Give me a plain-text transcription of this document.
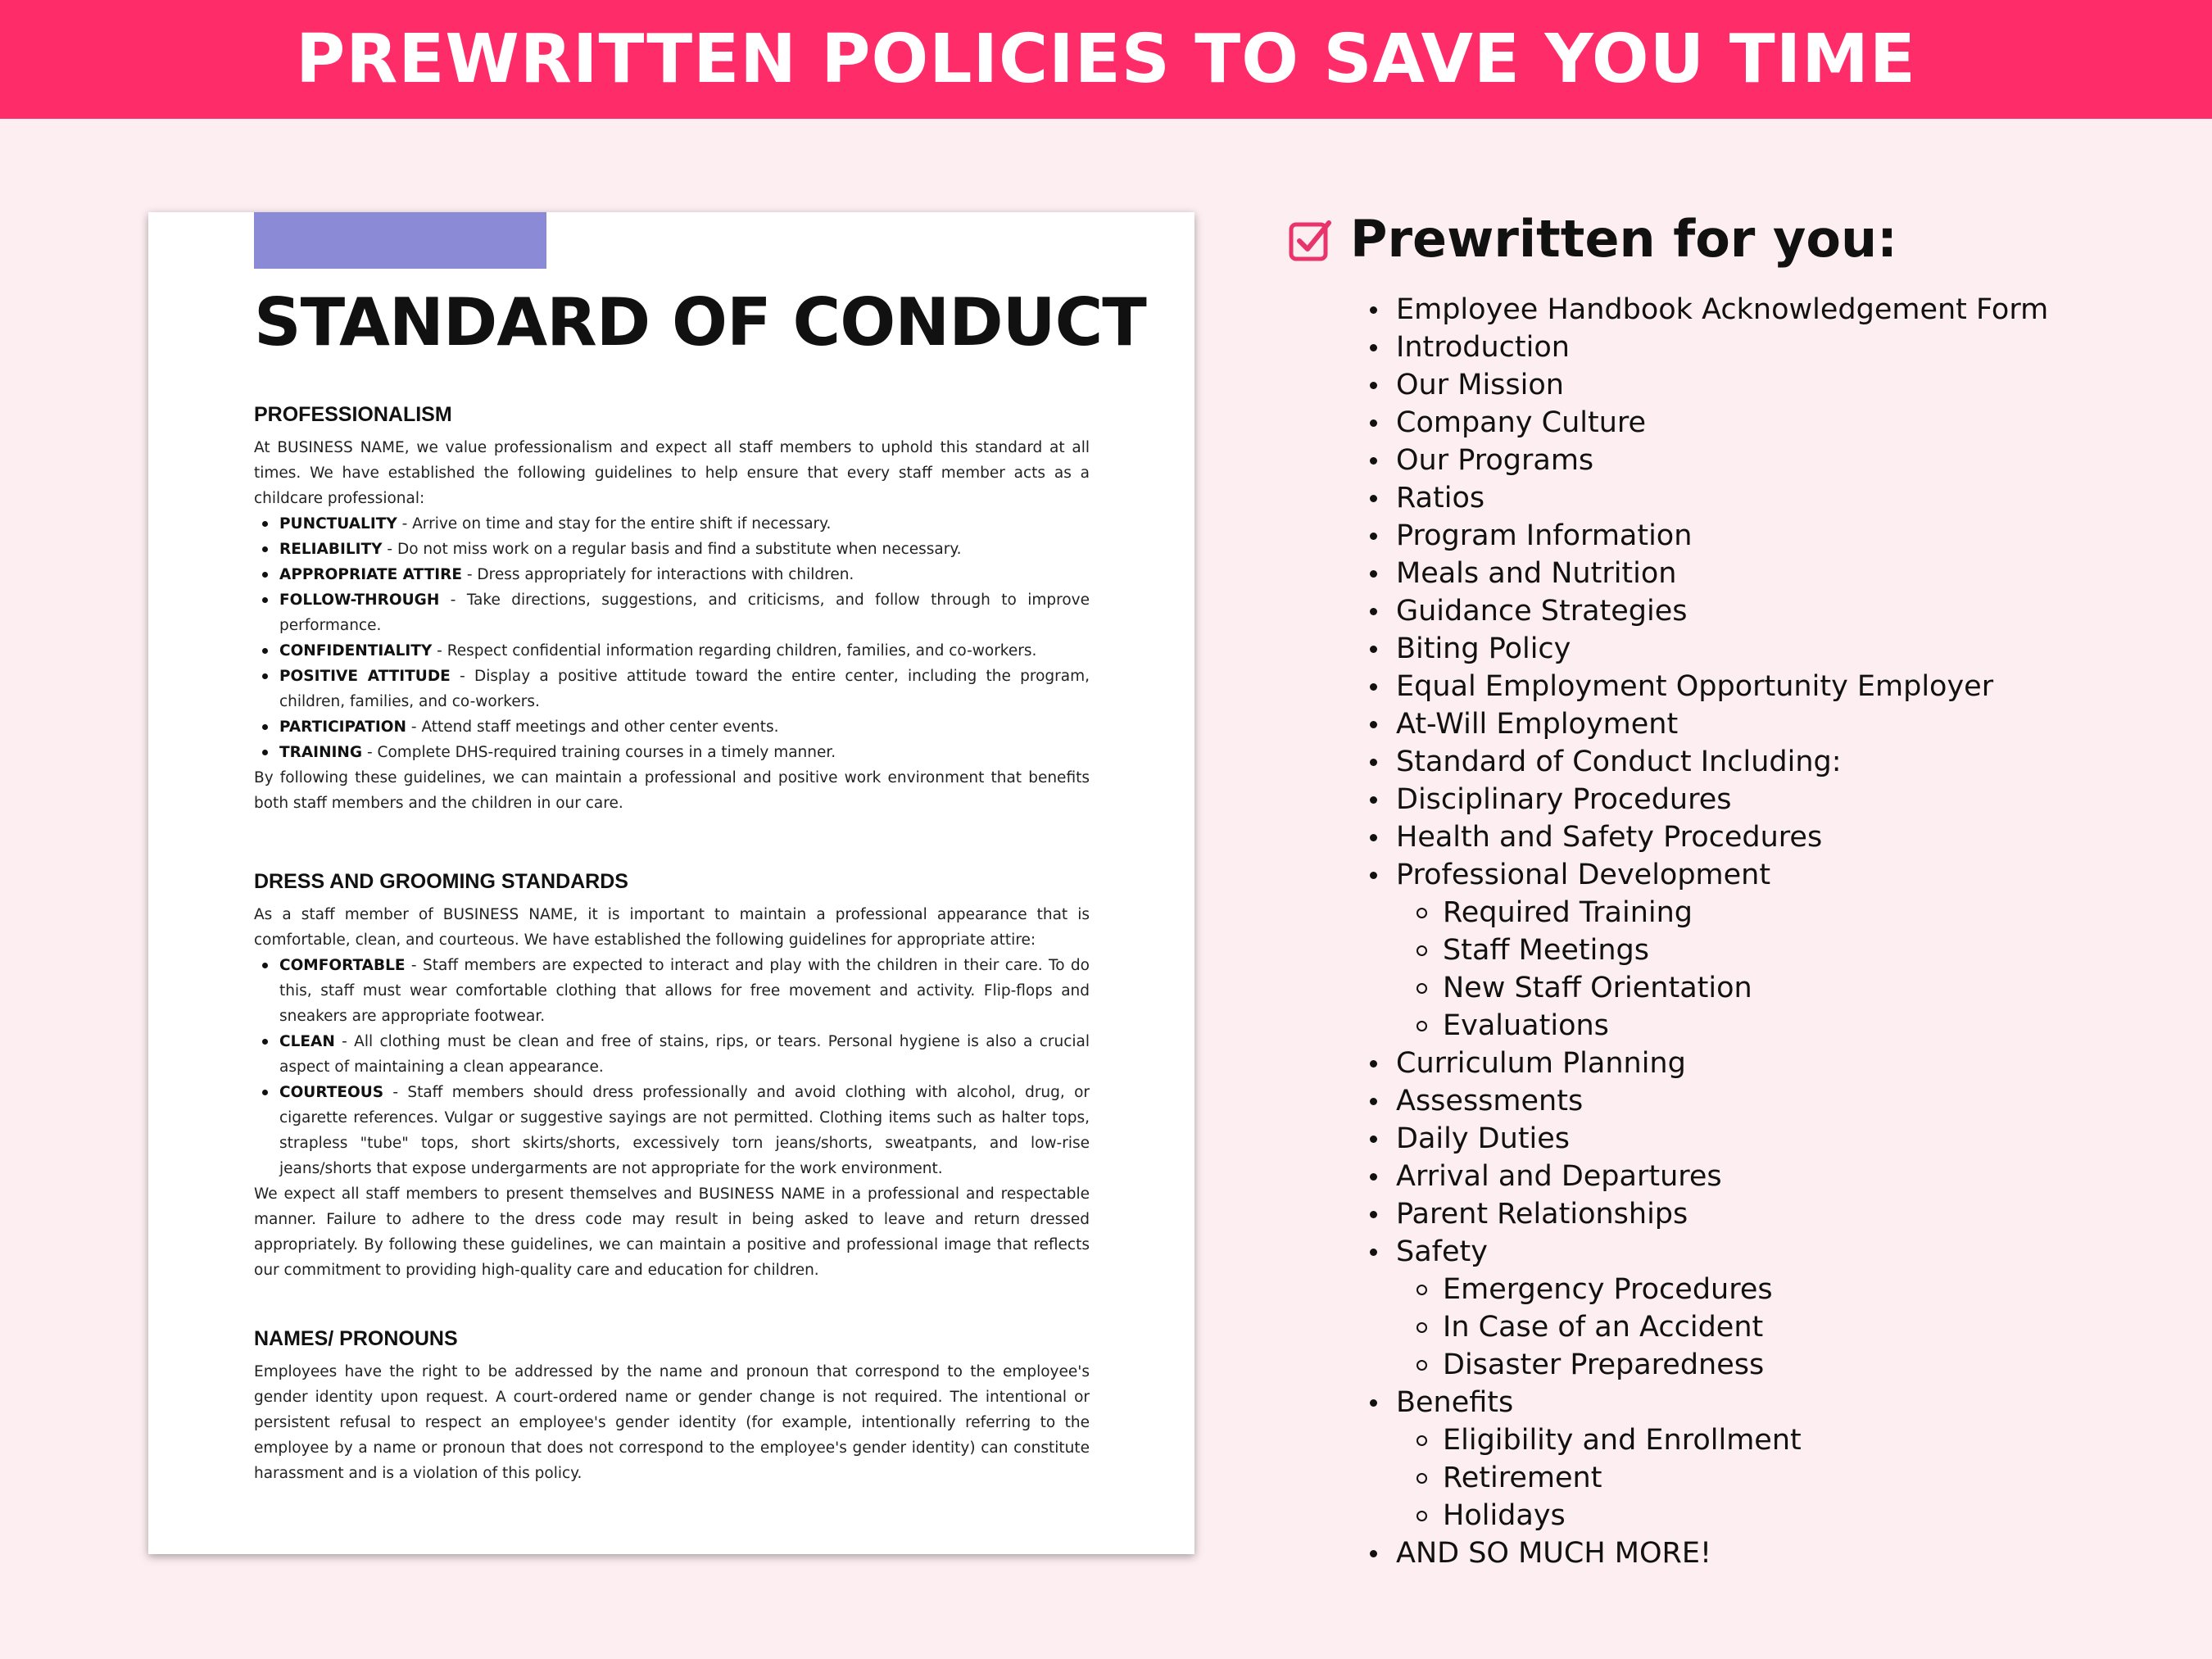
PREWRITTEN POLICIES TO SAVE YOU TIME
STANDARD OF CONDUCT
PROFESSIONALISM

At BUSINESS NAME, we value professionalism and expect all staff members to uphold this standard at all times. We have established the following guidelines to help ensure that every staff member acts as a childcare professional:

PUNCTUALITY - Arrive on time and stay for the entire shift if necessary.
RELIABILITY - Do not miss work on a regular basis and find a substitute when necessary.
APPROPRIATE ATTIRE - Dress appropriately for interactions with children.
FOLLOW-THROUGH - Take directions, suggestions, and criticisms, and follow through to improve performance.
CONFIDENTIALITY - Respect confidential information regarding children, families, and co-workers.
POSITIVE ATTITUDE - Display a positive attitude toward the entire center, including the program, children, families, and co-workers.
PARTICIPATION - Attend staff meetings and other center events.
TRAINING - Complete DHS-required training courses in a timely manner.

By following these guidelines, we can maintain a professional and positive work environment that benefits both staff members and the children in our care.

DRESS AND GROOMING STANDARDS

As a staff member of BUSINESS NAME, it is important to maintain a professional appearance that is comfortable, clean, and courteous. We have established the following guidelines for appropriate attire:

COMFORTABLE - Staff members are expected to interact and play with the children in their care. To do this, staff must wear comfortable clothing that allows for free movement and activity. Flip-flops and sneakers are appropriate footwear.
CLEAN - All clothing must be clean and free of stains, rips, or tears. Personal hygiene is also a crucial aspect of maintaining a clean appearance.
COURTEOUS - Staff members should dress professionally and avoid clothing with alcohol, drug, or cigarette references. Vulgar or suggestive sayings are not permitted. Clothing items such as halter tops, strapless "tube" tops, short skirts/shorts, excessively torn jeans/shorts, sweatpants, and low-rise jeans/shorts that expose undergarments are not appropriate for the work environment.

We expect all staff members to present themselves and BUSINESS NAME in a professional and respectable manner. Failure to adhere to the dress code may result in being asked to leave and return dressed appropriately. By following these guidelines, we can maintain a positive and professional image that reflects our commitment to providing high-quality care and education for children.

NAMES/ PRONOUNS

Employees have the right to be addressed by the name and pronoun that correspond to the employee's gender identity upon request. A court-ordered name or gender change is not required. The intentional or persistent refusal to respect an employee's gender identity (for example, intentionally referring to the employee by a name or pronoun that does not correspond to the employee's gender identity) can constitute harassment and is a violation of this policy.

Prewritten for you:
Employee Handbook Acknowledgement Form
Introduction
Our Mission
Company Culture
Our Programs
Ratios
Program Information
Meals and Nutrition
Guidance Strategies
Biting Policy
Equal Employment Opportunity Employer
At-Will Employment
Standard of Conduct Including:
Disciplinary Procedures
Health and Safety Procedures
Professional Development
Required Training
Staff Meetings
New Staff Orientation
Evaluations
Curriculum Planning
Assessments
Daily Duties
Arrival and Departures
Parent Relationships
Safety
Emergency Procedures
In Case of an Accident
Disaster Preparedness
Benefits
Eligibility and Enrollment
Retirement
Holidays
AND SO MUCH MORE!
